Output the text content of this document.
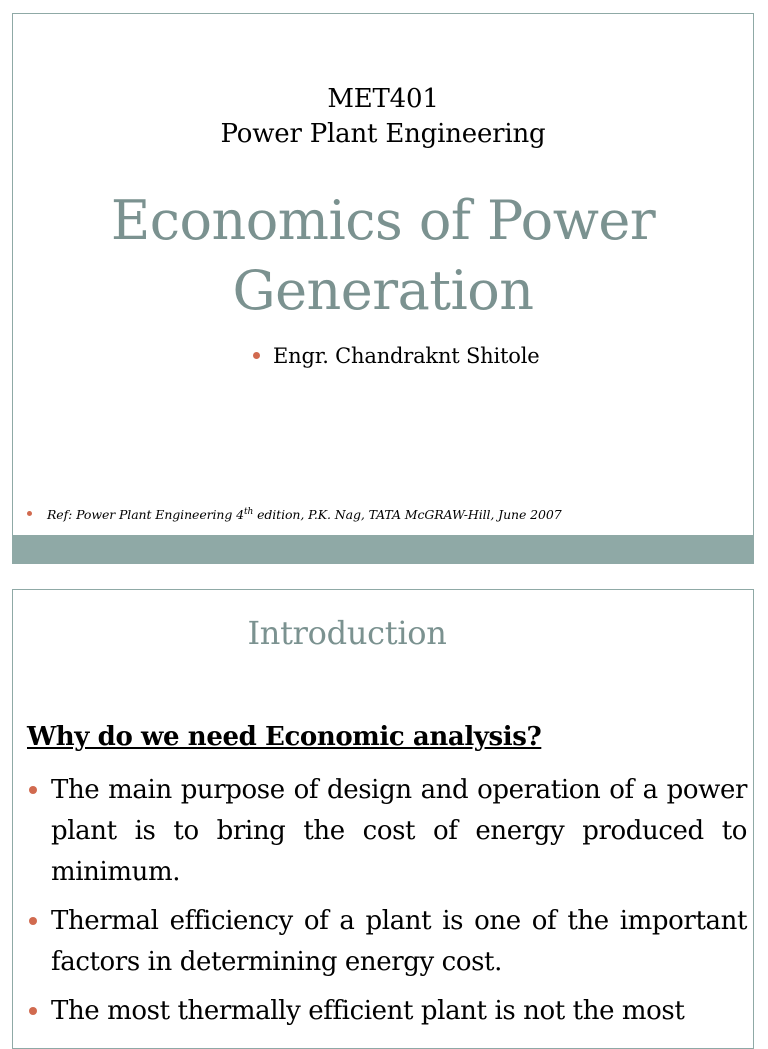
MET401
Power Plant Engineering
Economics of Power
Generation
Engr. Chandrakn​t Shitole
Ref: Power Plant Engineering 4th edition, P.K. Nag, TATA McGRAW-Hill, June 2007
Introduction
Why do we need Economic analysis?
The main purpose of design and operation of a power plant is to bring the cost of energy produced to minimum.
Thermal efficiency of a plant is one of the important factors in determining energy cost.
The most thermally efficient plant is not the most
